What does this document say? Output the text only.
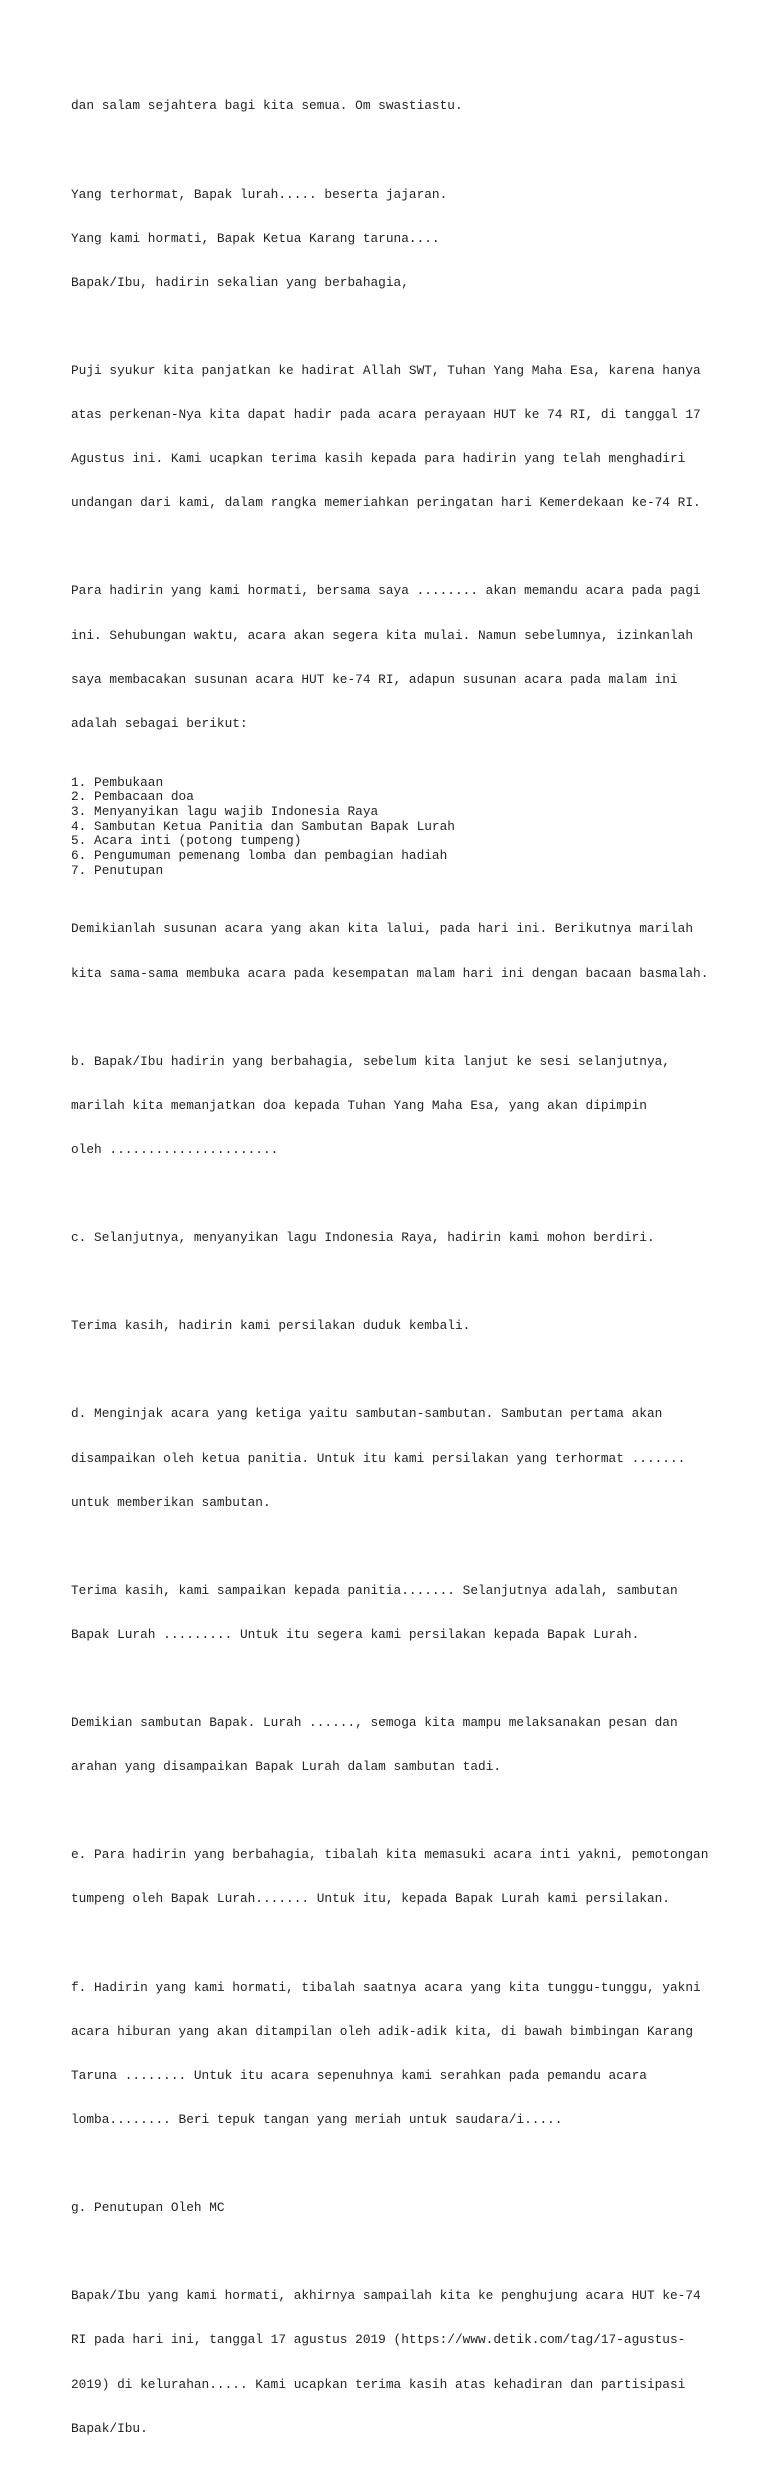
dan salam sejahtera bagi kita semua. Om swastiastu.

Yang terhormat, Bapak lurah..... beserta jajaran.

Yang kami hormati, Bapak Ketua Karang taruna....

Bapak/Ibu, hadirin sekalian yang berbahagia,

Puji syukur kita panjatkan ke hadirat Allah SWT, Tuhan Yang Maha Esa, karena hanya

atas perkenan-Nya kita dapat hadir pada acara perayaan HUT ke 74 RI, di tanggal 17

Agustus ini. Kami ucapkan terima kasih kepada para hadirin yang telah menghadiri

undangan dari kami, dalam rangka memeriahkan peringatan hari Kemerdekaan ke-74 RI.

Para hadirin yang kami hormati, bersama saya ........ akan memandu acara pada pagi

ini. Sehubungan waktu, acara akan segera kita mulai. Namun sebelumnya, izinkanlah

saya membacakan susunan acara HUT ke-74 RI, adapun susunan acara pada malam ini

adalah sebagai berikut:

1. Pembukaan
2. Pembacaan doa
3. Menyanyikan lagu wajib Indonesia Raya
4. Sambutan Ketua Panitia dan Sambutan Bapak Lurah
5. Acara inti (potong tumpeng)
6. Pengumuman pemenang lomba dan pembagian hadiah
7. Penutupan

Demikianlah susunan acara yang akan kita lalui, pada hari ini. Berikutnya marilah

kita sama-sama membuka acara pada kesempatan malam hari ini dengan bacaan basmalah.

b. Bapak/Ibu hadirin yang berbahagia, sebelum kita lanjut ke sesi selanjutnya,

marilah kita memanjatkan doa kepada Tuhan Yang Maha Esa, yang akan dipimpin

oleh ......................

c. Selanjutnya, menyanyikan lagu Indonesia Raya, hadirin kami mohon berdiri.

Terima kasih, hadirin kami persilakan duduk kembali.

d. Menginjak acara yang ketiga yaitu sambutan-sambutan. Sambutan pertama akan

disampaikan oleh ketua panitia. Untuk itu kami persilakan yang terhormat .......

untuk memberikan sambutan.

Terima kasih, kami sampaikan kepada panitia....... Selanjutnya adalah, sambutan

Bapak Lurah ......... Untuk itu segera kami persilakan kepada Bapak Lurah.

Demikian sambutan Bapak. Lurah ......, semoga kita mampu melaksanakan pesan dan

arahan yang disampaikan Bapak Lurah dalam sambutan tadi.

e. Para hadirin yang berbahagia, tibalah kita memasuki acara inti yakni, pemotongan

tumpeng oleh Bapak Lurah....... Untuk itu, kepada Bapak Lurah kami persilakan.

f. Hadirin yang kami hormati, tibalah saatnya acara yang kita tunggu-tunggu, yakni

acara hiburan yang akan ditampilan oleh adik-adik kita, di bawah bimbingan Karang

Taruna ........ Untuk itu acara sepenuhnya kami serahkan pada pemandu acara

lomba........ Beri tepuk tangan yang meriah untuk saudara/i.....

g. Penutupan Oleh MC

Bapak/Ibu yang kami hormati, akhirnya sampailah kita ke penghujung acara HUT ke-74

RI pada hari ini, tanggal 17 agustus 2019 (https://www.detik.com/tag/17-agustus-

2019) di kelurahan..... Kami ucapkan terima kasih atas kehadiran dan partisipasi

Bapak/Ibu.
